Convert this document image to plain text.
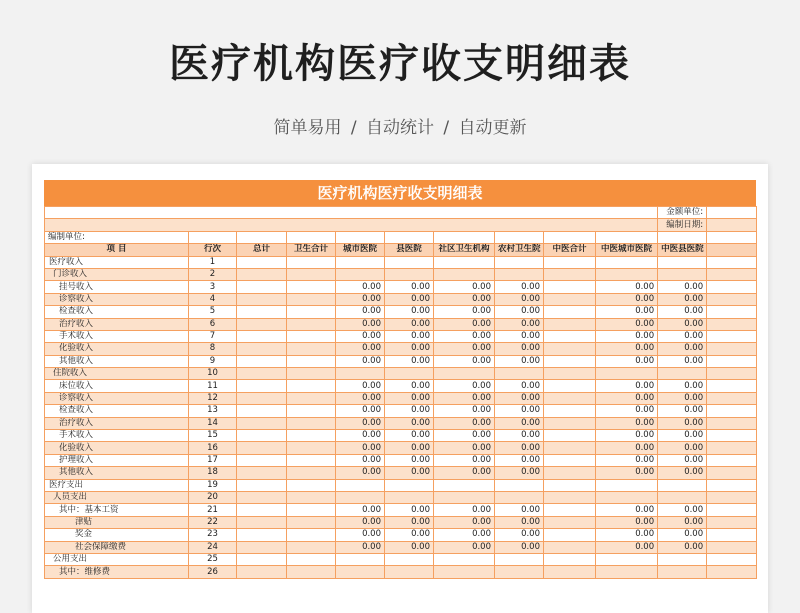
医疗机构医疗收支明细表
简单易用 / 自动统计 / 自动更新
医疗机构医疗收支明细表
										金额单位:	
										编制日期:	
编制单位:											
项 目	行次	总计	卫生合计	城市医院	县医院	社区卫生机构	农村卫生院	中医合计	中医城市医院	中医县医院	
医疗收入	1										
门诊收入	2										
挂号收入	3			0.00	0.00	0.00	0.00		0.00	0.00	
诊察收入	4			0.00	0.00	0.00	0.00		0.00	0.00	
检查收入	5			0.00	0.00	0.00	0.00		0.00	0.00	
治疗收入	6			0.00	0.00	0.00	0.00		0.00	0.00	
手术收入	7			0.00	0.00	0.00	0.00		0.00	0.00	
化验收入	8			0.00	0.00	0.00	0.00		0.00	0.00	
其他收入	9			0.00	0.00	0.00	0.00		0.00	0.00	
住院收入	10										
床位收入	11			0.00	0.00	0.00	0.00		0.00	0.00	
诊察收入	12			0.00	0.00	0.00	0.00		0.00	0.00	
检查收入	13			0.00	0.00	0.00	0.00		0.00	0.00	
治疗收入	14			0.00	0.00	0.00	0.00		0.00	0.00	
手术收入	15			0.00	0.00	0.00	0.00		0.00	0.00	
化验收入	16			0.00	0.00	0.00	0.00		0.00	0.00	
护理收入	17			0.00	0.00	0.00	0.00		0.00	0.00	
其他收入	18			0.00	0.00	0.00	0.00		0.00	0.00	
医疗支出	19										
人员支出	20										
其中：基本工资	21			0.00	0.00	0.00	0.00		0.00	0.00	
津贴	22			0.00	0.00	0.00	0.00		0.00	0.00	
奖金	23			0.00	0.00	0.00	0.00		0.00	0.00	
社会保障缴费	24			0.00	0.00	0.00	0.00		0.00	0.00	
公用支出	25										
其中：维修费	26										
